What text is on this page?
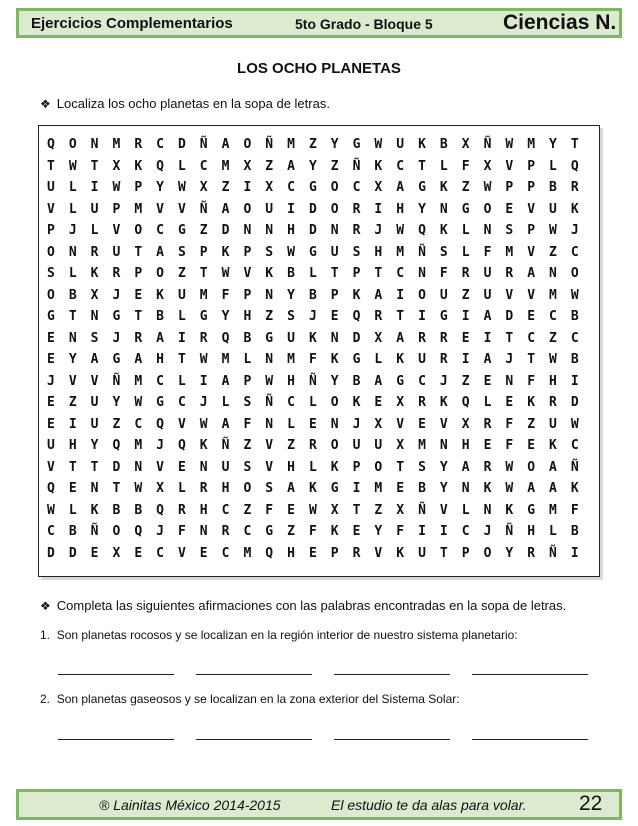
Ejercicios Complementarios	5to Grado - Bloque 5	Ciencias N.
LOS OCHO PLANETAS
❖ Localiza los ocho planetas en la sopa de letras.
Q	O	N	M	R	C	D	Ñ	A	O	Ñ	M	Z	Y	G	W	U	K	B	X	Ñ	W	M	Y	T
T	W	T	X	K	Q	L	C	M	X	Z	A	Y	Z	Ñ	K	C	T	L	F	X	V	P	L	Q
U	L	I	W	P	Y	W	X	Z	I	X	C	G	O	C	X	A	G	K	Z	W	P	P	B	R
V	L	U	P	M	V	V	Ñ	A	O	U	I	D	O	R	I	H	Y	N	G	O	E	V	U	K
P	J	L	V	O	C	G	Z	D	N	N	H	D	N	R	J	W	Q	K	L	N	S	P	W	J
O	N	R	U	T	A	S	P	K	P	S	W	G	U	S	H	M	Ñ	S	L	F	M	V	Z	C
S	L	K	R	P	O	Z	T	W	V	K	B	L	T	P	T	C	N	F	R	U	R	A	N	O
O	B	X	J	E	K	U	M	F	P	N	Y	B	P	K	A	I	O	U	Z	U	V	V	M	W
G	T	N	G	T	B	L	G	Y	H	Z	S	J	E	Q	R	T	I	G	I	A	D	E	C	B
E	N	S	J	R	A	I	R	Q	B	G	U	K	N	D	X	A	R	R	E	I	T	C	Z	C
E	Y	A	G	A	H	T	W	M	L	N	M	F	K	G	L	K	U	R	I	A	J	T	W	B
J	V	V	Ñ	M	C	L	I	A	P	W	H	Ñ	Y	B	A	G	C	J	Z	E	N	F	H	I
E	Z	U	Y	W	G	C	J	L	S	Ñ	C	L	O	K	E	X	R	K	Q	L	E	K	R	D
E	I	U	Z	C	Q	V	W	A	F	N	L	E	N	J	X	V	E	V	X	R	F	Z	U	W
U	H	Y	Q	M	J	Q	K	Ñ	Z	V	Z	R	O	U	U	X	M	N	H	E	F	E	K	C
V	T	T	D	N	V	E	N	U	S	V	H	L	K	P	O	T	S	Y	A	R	W	O	A	Ñ
Q	E	N	T	W	X	L	R	H	O	S	A	K	G	I	M	E	B	Y	N	K	W	A	A	K
W	L	K	B	B	Q	R	H	C	Z	F	E	W	X	T	Z	X	Ñ	V	L	N	K	G	M	F
C	B	Ñ	O	Q	J	F	N	R	C	G	Z	F	K	E	Y	F	I	I	C	J	Ñ	H	L	B
D	D	E	X	E	C	V	E	C	M	Q	H	E	P	R	V	K	U	T	P	O	Y	R	Ñ	I
❖ Completa las siguientes afirmaciones con las palabras encontradas en la sopa de letras.
1. Son planetas rocosos y se localizan en la región interior de nuestro sistema planetario:
2. Son planetas gaseosos y se localizan en la zona exterior del Sistema Solar:
® Lainitas México 2014-2015	El estudio te da alas para volar. 22
